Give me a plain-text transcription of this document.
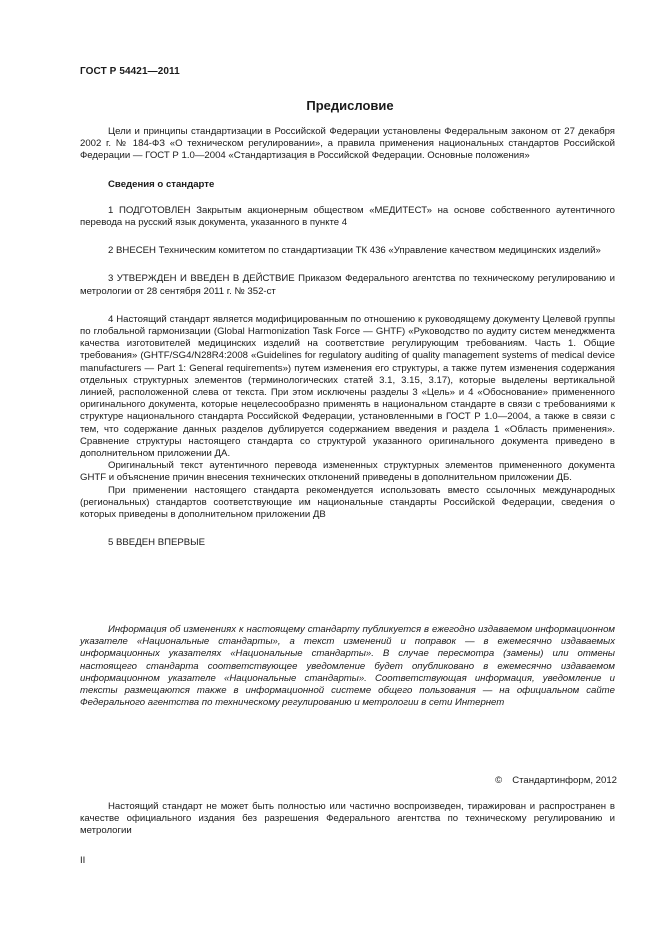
ГОСТ Р 54421—2011
Предисловие

Цели и принципы стандартизации в Российской Федерации установлены Федеральным законом от 27 декабря 2002 г. № 184-ФЗ «О техническом регулировании», а правила применения национальных стандартов Российской Федерации — ГОСТ Р 1.0—2004 «Стандартизация в Российской Федерации. Основные положения»

Сведения о стандарте

1 ПОДГОТОВЛЕН Закрытым акционерным обществом «МЕДИТЕСТ» на основе собственного аутентичного перевода на русский язык документа, указанного в пункте 4

2 ВНЕСЕН Техническим комитетом по стандартизации ТК 436 «Управление качеством медицинских изделий»

3 УТВЕРЖДЕН И ВВЕДЕН В ДЕЙСТВИЕ Приказом Федерального агентства по техническому регулированию и метрологии от 28 сентября 2011 г. № 352-ст

4 Настоящий стандарт является модифицированным по отношению к руководящему документу Целевой группы по глобальной гармонизации (Global Harmonization Task Force — GHTF) «Руководство по аудиту систем менеджмента качества изготовителей медицинских изделий на соответствие регулирующим требованиям. Часть 1. Общие требования» (GHTF/SG4/N28R4:2008 «Guidelines for regulatory auditing of quality management systems of medical device manufacturers — Part 1: General requirements») путем изменения его структуры, а также путем изменения содержания отдельных структурных элементов (терминологических статей 3.1, 3.15, 3.17), которые выделены вертикальной линией, расположенной слева от текста. При этом исключены разделы 3 «Цель» и 4 «Обоснование» примененного оригинального документа, которые нецелесообразно применять в национальном стандарте в связи с требованиями к структуре национального стандарта Российской Федерации, установленными в ГОСТ Р 1.0—2004, а также в связи с тем, что содержание данных разделов дублируется содержанием введения и раздела 1 «Область применения». Сравнение структуры настоящего стандарта со структурой указанного оригинального документа приведено в дополнительном приложении ДА.

Оригинальный текст аутентичного перевода измененных структурных элементов примененного документа GHTF и объяснение причин внесения технических отклонений приведены в дополнительном приложении ДБ.

При применении настоящего стандарта рекомендуется использовать вместо ссылочных международных (региональных) стандартов соответствующие им национальные стандарты Российской Федерации, сведения о которых приведены в дополнительном приложении ДВ

5 ВВЕДЕН ВПЕРВЫЕ

Информация об изменениях к настоящему стандарту публикуется в ежегодно издаваемом информационном указателе «Национальные стандарты», а текст изменений и поправок — в ежемесячно издаваемых информационных указателях «Национальные стандарты». В случае пересмотра (замены) или отмены настоящего стандарта соответствующее уведомление будет опубликовано в ежемесячно издаваемом информационном указателе «Национальные стандарты». Соответствующая информация, уведомление и тексты размещаются также в информационной системе общего пользования — на официальном сайте Федерального агентства по техническому регулированию и метрологии в сети Интернет

© Стандартинформ, 2012

Настоящий стандарт не может быть полностью или частично воспроизведен, тиражирован и распространен в качестве официального издания без разрешения Федерального агентства по техническому регулированию и метрологии

II
